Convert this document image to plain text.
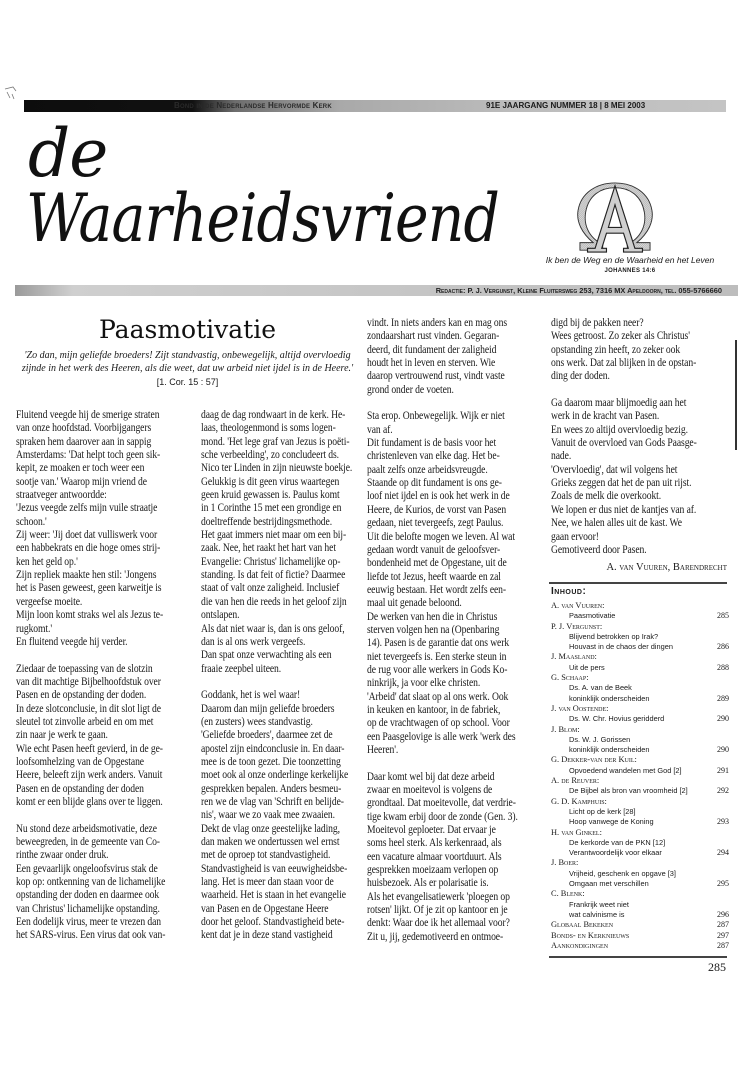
Bond in de Nederlandse Hervormde Kerk	91E JAARGANG NUMMER 18 | 8 MEI 2003
de
Waarheidsvriend
Ik ben de Weg en de Waarheid en het Leven
JOHANNES 14:6
Redactie: P. J. Vergunst, Kleine Fluitersweg 253, 7316 MX Apeldoorn, tel. 055-5766660
Paasmotivatie
'Zo dan, mijn geliefde broeders! Zijt standvastig, onbewegelijk, altijd overvloedig
zijnde in het werk des Heeren, als die weet, dat uw arbeid niet ijdel is in de Heere.'
[1. Cor. 15 : 57]
Fluitend veegde hij de smerige straten
van onze hoofdstad. Voorbijgangers
spraken hem daarover aan in sappig
Amsterdams: 'Dat helpt toch geen sik-
kepit, ze moaken er toch weer een
sootje van.' Waarop mijn vriend de
straatveger antwoordde:
'Jezus veegde zelfs mijn vuile straatje
schoon.'
Zij weer: 'Jij doet dat vulliswerk voor
een habbekrats en die hoge omes strij-
ken het geld op.'
Zijn repliek maakte hen stil: 'Jongens
het is Pasen geweest, geen karweitje is
vergeefse moeite.
Mijn loon komt straks wel als Jezus te-
rugkomt.'
En fluitend veegde hij verder.
Ziedaar de toepassing van de slotzin
van dit machtige Bijbelhoofdstuk over
Pasen en de opstanding der doden.
In deze slotconclusie, in dit slot ligt de
sleutel tot zinvolle arbeid en om met
zin naar je werk te gaan.
Wie echt Pasen heeft gevierd, in de ge-
loofsomhelzing van de Opgestane
Heere, beleeft zijn werk anders. Vanuit
Pasen en de opstanding der doden
komt er een blijde glans over te liggen.
Nu stond deze arbeidsmotivatie, deze
beweegreden, in de gemeente van Co-
rinthe zwaar onder druk.
Een gevaarlijk ongeloofsvirus stak de
kop op: ontkenning van de lichamelijke
opstanding der doden en daarmee ook
van Christus' lichamelijke opstanding.
Een dodelijk virus, meer te vrezen dan
het SARS-virus. Een virus dat ook van-
daag de dag rondwaart in de kerk. He-
laas, theologenmond is soms logen-
mond. 'Het lege graf van Jezus is poëti-
sche verbeelding', zo concludeert ds.
Nico ter Linden in zijn nieuwste boekje.
Gelukkig is dit geen virus waartegen
geen kruid gewassen is. Paulus komt
in 1 Corinthe 15 met een grondige en
doeltreffende bestrijdingsmethode.
Het gaat immers niet maar om een bij-
zaak. Nee, het raakt het hart van het
Evangelie: Christus' lichamelijke op-
standing. Is dat feit of fictie? Daarmee
staat of valt onze zaligheid. Inclusief
die van hen die reeds in het geloof zijn
ontslapen.
Als dat niet waar is, dan is ons geloof,
dan is al ons werk vergeefs.
Dan spat onze verwachting als een
fraaie zeepbel uiteen.
Goddank, het is wel waar!
Daarom dan mijn geliefde broeders
(en zusters) wees standvastig.
'Geliefde broeders', daarmee zet de
apostel zijn eindconclusie in. En daar-
mee is de toon gezet. Die toonzetting
moet ook al onze onderlinge kerkelijke
gesprekken bepalen. Anders besmeu-
ren we de vlag van 'Schrift en belijde-
nis', waar we zo vaak mee zwaaien.
Dekt de vlag onze geestelijke lading,
dan maken we ondertussen wel ernst
met de oproep tot standvastigheid.
Standvastigheid is van eeuwigheidsbe-
lang. Het is meer dan staan voor de
waarheid. Het is staan in het evangelie
van Pasen en de Opgestane Heere
door het geloof. Standvastigheid bete-
kent dat je in deze stand vastigheid
vindt. In niets anders kan en mag ons
zondaarshart rust vinden. Gegaran-
deerd, dit fundament der zaligheid
houdt het in leven en sterven. Wie
daarop vertrouwend rust, vindt vaste
grond onder de voeten.
Sta erop. Onbewegelijk. Wijk er niet
van af.
Dit fundament is de basis voor het
christenleven van elke dag. Het be-
paalt zelfs onze arbeidsvreugde.
Staande op dit fundament is ons ge-
loof niet ijdel en is ook het werk in de
Heere, de Kurios, de vorst van Pasen
gedaan, niet tevergeefs, zegt Paulus.
Uit die belofte mogen we leven. Al wat
gedaan wordt vanuit de geloofsver-
bondenheid met de Opgestane, uit de
liefde tot Jezus, heeft waarde en zal
eeuwig bestaan. Het wordt zelfs een-
maal uit genade beloond.
De werken van hen die in Christus
sterven volgen hen na (Openbaring
14). Pasen is de garantie dat ons werk
niet tevergeefs is. Een sterke steun in
de rug voor alle werkers in Gods Ko-
ninkrijk, ja voor elke christen.
'Arbeid' dat slaat op al ons werk. Ook
in keuken en kantoor, in de fabriek,
op de vrachtwagen of op school. Voor
een Paasgelovige is alle werk 'werk des
Heeren'.
Daar komt wel bij dat deze arbeid
zwaar en moeitevol is volgens de
grondtaal. Dat moeitevolle, dat verdrie-
tige kwam erbij door de zonde (Gen. 3).
Moeitevol geploeter. Dat ervaar je
soms heel sterk. Als kerkenraad, als
een vacature almaar voortduurt. Als
gesprekken moeizaam verlopen op
huisbezoek. Als er polarisatie is.
Als het evangelisatiewerk 'ploegen op
rotsen' lijkt. Of je zit op kantoor en je
denkt: Waar doe ik het allemaal voor?
Zit u, jij, gedemotiveerd en ontmoe-
digd bij de pakken neer?
Wees getroost. Zo zeker als Christus'
opstanding zin heeft, zo zeker ook
ons werk. Dat zal blijken in de opstan-
ding der doden.
Ga daarom maar blijmoedig aan het
werk in de kracht van Pasen.
En wees zo altijd overvloedig bezig.
Vanuit de overvloed van Gods Paasge-
nade.
'Overvloedig', dat wil volgens het
Grieks zeggen dat het de pan uit rijst.
Zoals de melk die overkookt.
We lopen er dus niet de kantjes van af.
Nee, we halen alles uit de kast. We
gaan ervoor!
Gemotiveerd door Pasen.
A. van Vuuren, Barendrecht
Inhoud:
A. van Vuuren:
Paasmotivatie	285
P. J. Vergunst:
Blijvend betrokken op Irak?
Houvast in de chaos der dingen	286
J. Maasland:
Uit de pers	288
G. Schaap:
Ds. A. van de Beek
koninklijk onderscheiden	289
J. van Oostende:
Ds. W. Chr. Hovius geridderd	290
J. Blom:
Ds. W. J. Gorissen
koninklijk onderscheiden	290
G. Dekker-van der Kuil:
Opvoedend wandelen met God [2]	291
A. de Reuver:
De Bijbel als bron van vroomheid [2]	292
G. D. Kamphuis:
Licht op de kerk [28]
Hoop vanwege de Koning	293
H. van Ginkel:
De kerkorde van de PKN [12]
Verantwoordelijk voor elkaar	294
J. Boer:
Vrijheid, geschenk en opgave [3]
Omgaan met verschillen	295
C. Blenk:
Frankrijk weet niet
wat calvinisme is	296
Globaal Bekeken	287
Bonds- en Kerknieuws	297
Aankondigingen	287
285
